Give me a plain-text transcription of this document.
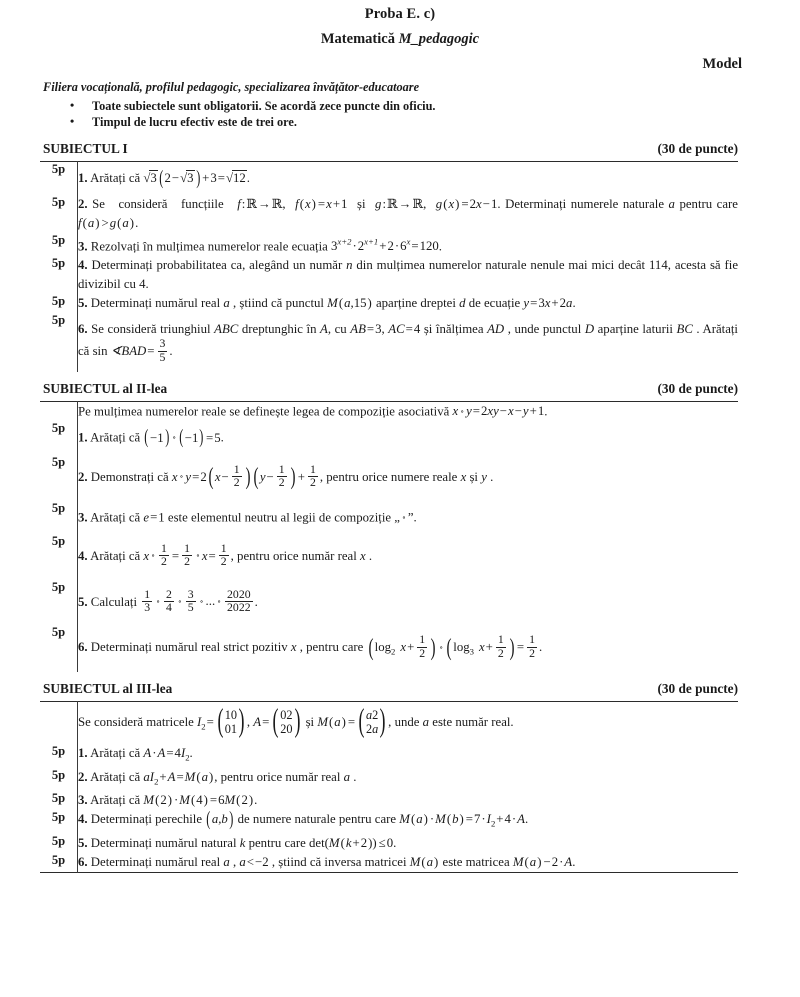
Proba E. c)
Matematică M_pedagogic
Model
Filiera vocațională, profilul pedagogic, specializarea învățător-educatoare
• Toate subiectele sunt obligatorii. Se acordă zece puncte din oficiu.
• Timpul de lucru efectiv este de trei ore.
SUBIECTUL I	(30 de puncte)
5p	1. Arătați că √3 (2−√3 ) +3=√12.
5p	2. Se   consideră   funcțiile   f:ℝ→ℝ, f(x) =x+1 și g:ℝ→ℝ, g(x) =2x−1. Determinați numerele naturale a pentru care f(a) >g(a).
5p	3. Rezolvați în mulțimea numerelor reale ecuația $3^{x+2}\cdot 2^{x+1}+2\cdot 6^x=120$.
5p	4. Determinați probabilitatea ca, alegând un număr n din mulțimea numerelor naturale nenule mai mici decât 114, acesta să fie divizibil cu 4.
5p	5. Determinați numărul real a , știind că punctul M(a,15) aparține dreptei d de ecuație y=3x+2a.
5p	6. Se consideră triunghiul ABC dreptunghic în A, cu AB=3, AC=4 și înălțimea AD , unde punctul D aparține laturii BC . Arătați că sin ∢BAD= $\frac{3}{5}$ .
SUBIECTUL al II-lea	(30 de puncte)
	Pe mulțimea numerelor reale se definește legea de compoziție asociativă x ∘ y=2xy−x−y+1.
5p	1. Arătați că (−1) ∘ (−1) =5.
5p	2. Demonstrați că x ∘ y=2( $x- \frac{1}{2}$ ) ( $y- \frac{1}{2}$ ) + $\frac{1}{2}$ , pentru orice numere reale x și y .
5p	3. Arătați că e=1 este elementul neutru al legii de compoziție „ ∘ ”.
5p	4. Arătați că x ∘ $\frac{1}{2} = \frac{1}{2}$ ∘ $x= \frac{1}{2}$ , pentru orice număr real x .
5p	5. Calculați $\frac{1}{3}$ ∘ $\frac{2}{4}$ ∘ $\frac{3}{5}$ ∘ ... ∘ $\frac{2020}{2022}$ .
5p	6. Determinați numărul real strict pozitiv x , pentru care ( $\log_2 x+ \frac{1}{2}$ ) ∘ ( $\log_3 x+ \frac{1}{2}$ ) = $\frac{1}{2}$ .
SUBIECTUL al III-lea	(30 de puncte)
	Se consideră matricele $I_2=$ ( 1	0
0	1 ) , A= ( 0	2
2	0 ) și M(a) = ( a	2
2	a ) , unde a este număr real.
5p	1. Arătați că $A\cdot A=4I_2$.
5p	2. Arătați că $aI_2+A=M(a)$, pentru orice număr real a .
5p	3. Arătați că M(2) ·M(4) =6M(2).
5p	4. Determinați perechile (a,b) de numere naturale pentru care $M(a) \cdot M(b) =7\cdot I_2+4\cdot A$.
5p	5. Determinați numărul natural k pentru care det(M(k+2)) ≤0.
5p	6. Determinați numărul real a , a<−2 , știind că inversa matricei M(a) este matricea M(a) −2·A.
